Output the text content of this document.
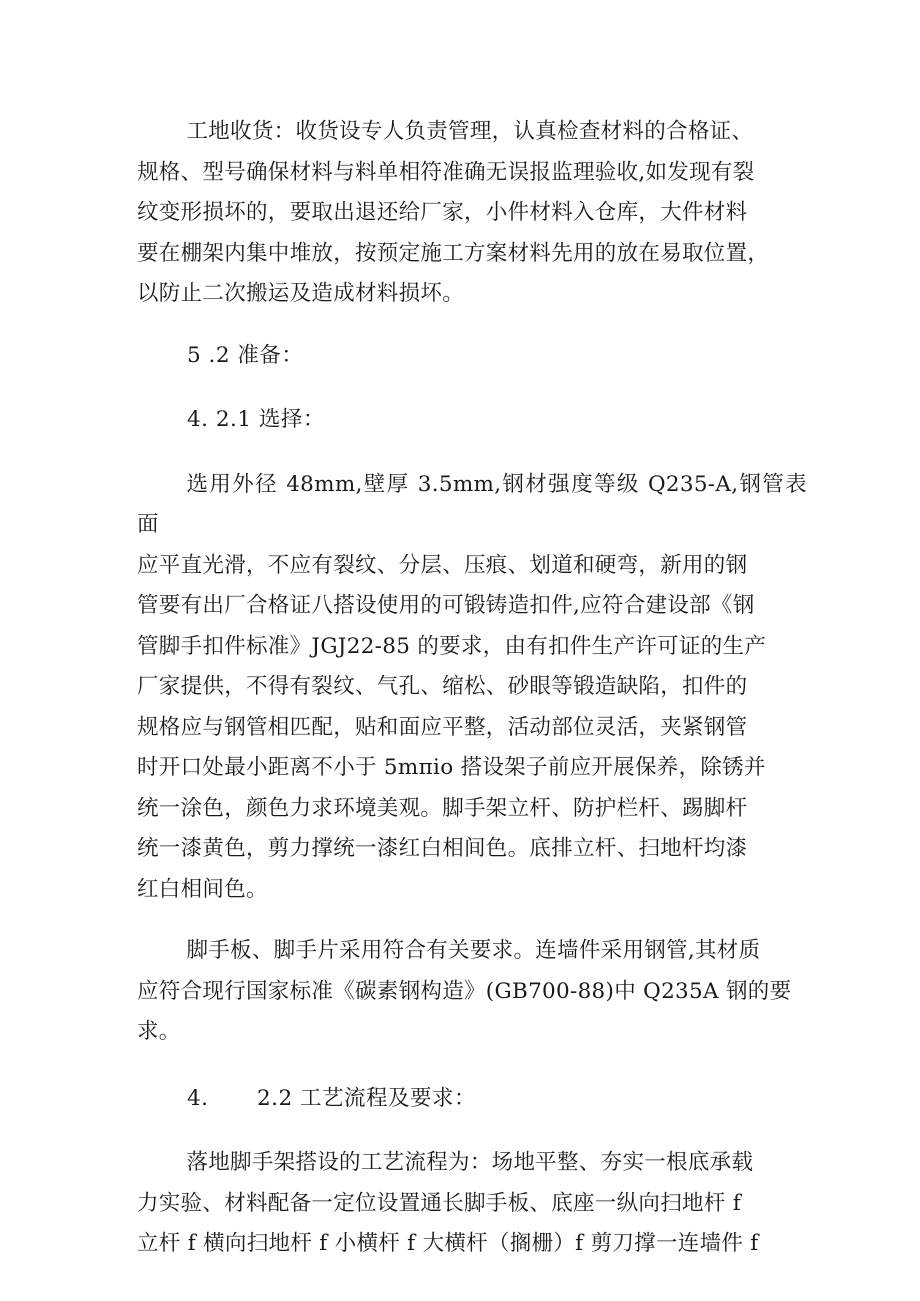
工地收货：收货设专人负责管理，认真检查材料的合格证、
规格、型号确保材料与料单相符准确无误报监理验收,如发现有裂
纹变形损坏的，要取出退还给厂家，小件材料入仓库，大件材料
要在棚架内集中堆放，按预定施工方案材料先用的放在易取位置，
以防止二次搬运及造成材料损坏。

5 .2 准备：

4. 2.1 选择：

选用外径 48mm,壁厚 3.5mm,钢材强度等级 Q235-A,钢管表面
应平直光滑，不应有裂纹、分层、压痕、划道和硬弯，新用的钢
管要有出厂合格证八搭设使用的可锻铸造扣件,应符合建设部《钢
管脚手扣件标准》JGJ22-85 的要求，由有扣件生产许可证的生产
厂家提供，不得有裂纹、气孔、缩松、砂眼等锻造缺陷，扣件的
规格应与钢管相匹配，贴和面应平整，活动部位灵活，夹紧钢管
时开口处最小距离不小于 5mπio 搭设架子前应开展保养，除锈并
统一涂色，颜色力求环境美观。脚手架立杆、防护栏杆、踢脚杆
统一漆黄色，剪力撑统一漆红白相间色。底排立杆、扫地杆均漆
红白相间色。

脚手板、脚手片采用符合有关要求。连墙件采用钢管,其材质
应符合现行国家标准《碳素钢构造》(GB700-88)中 Q235A 钢的要
求。

4. 2.2 工艺流程及要求：

落地脚手架搭设的工艺流程为：场地平整、夯实一根底承载
力实验、材料配备一定位设置通长脚手板、底座一纵向扫地杆 f
立杆 f 横向扫地杆 f 小横杆 f 大横杆（搁栅）f 剪刀撑一连墙件 f
